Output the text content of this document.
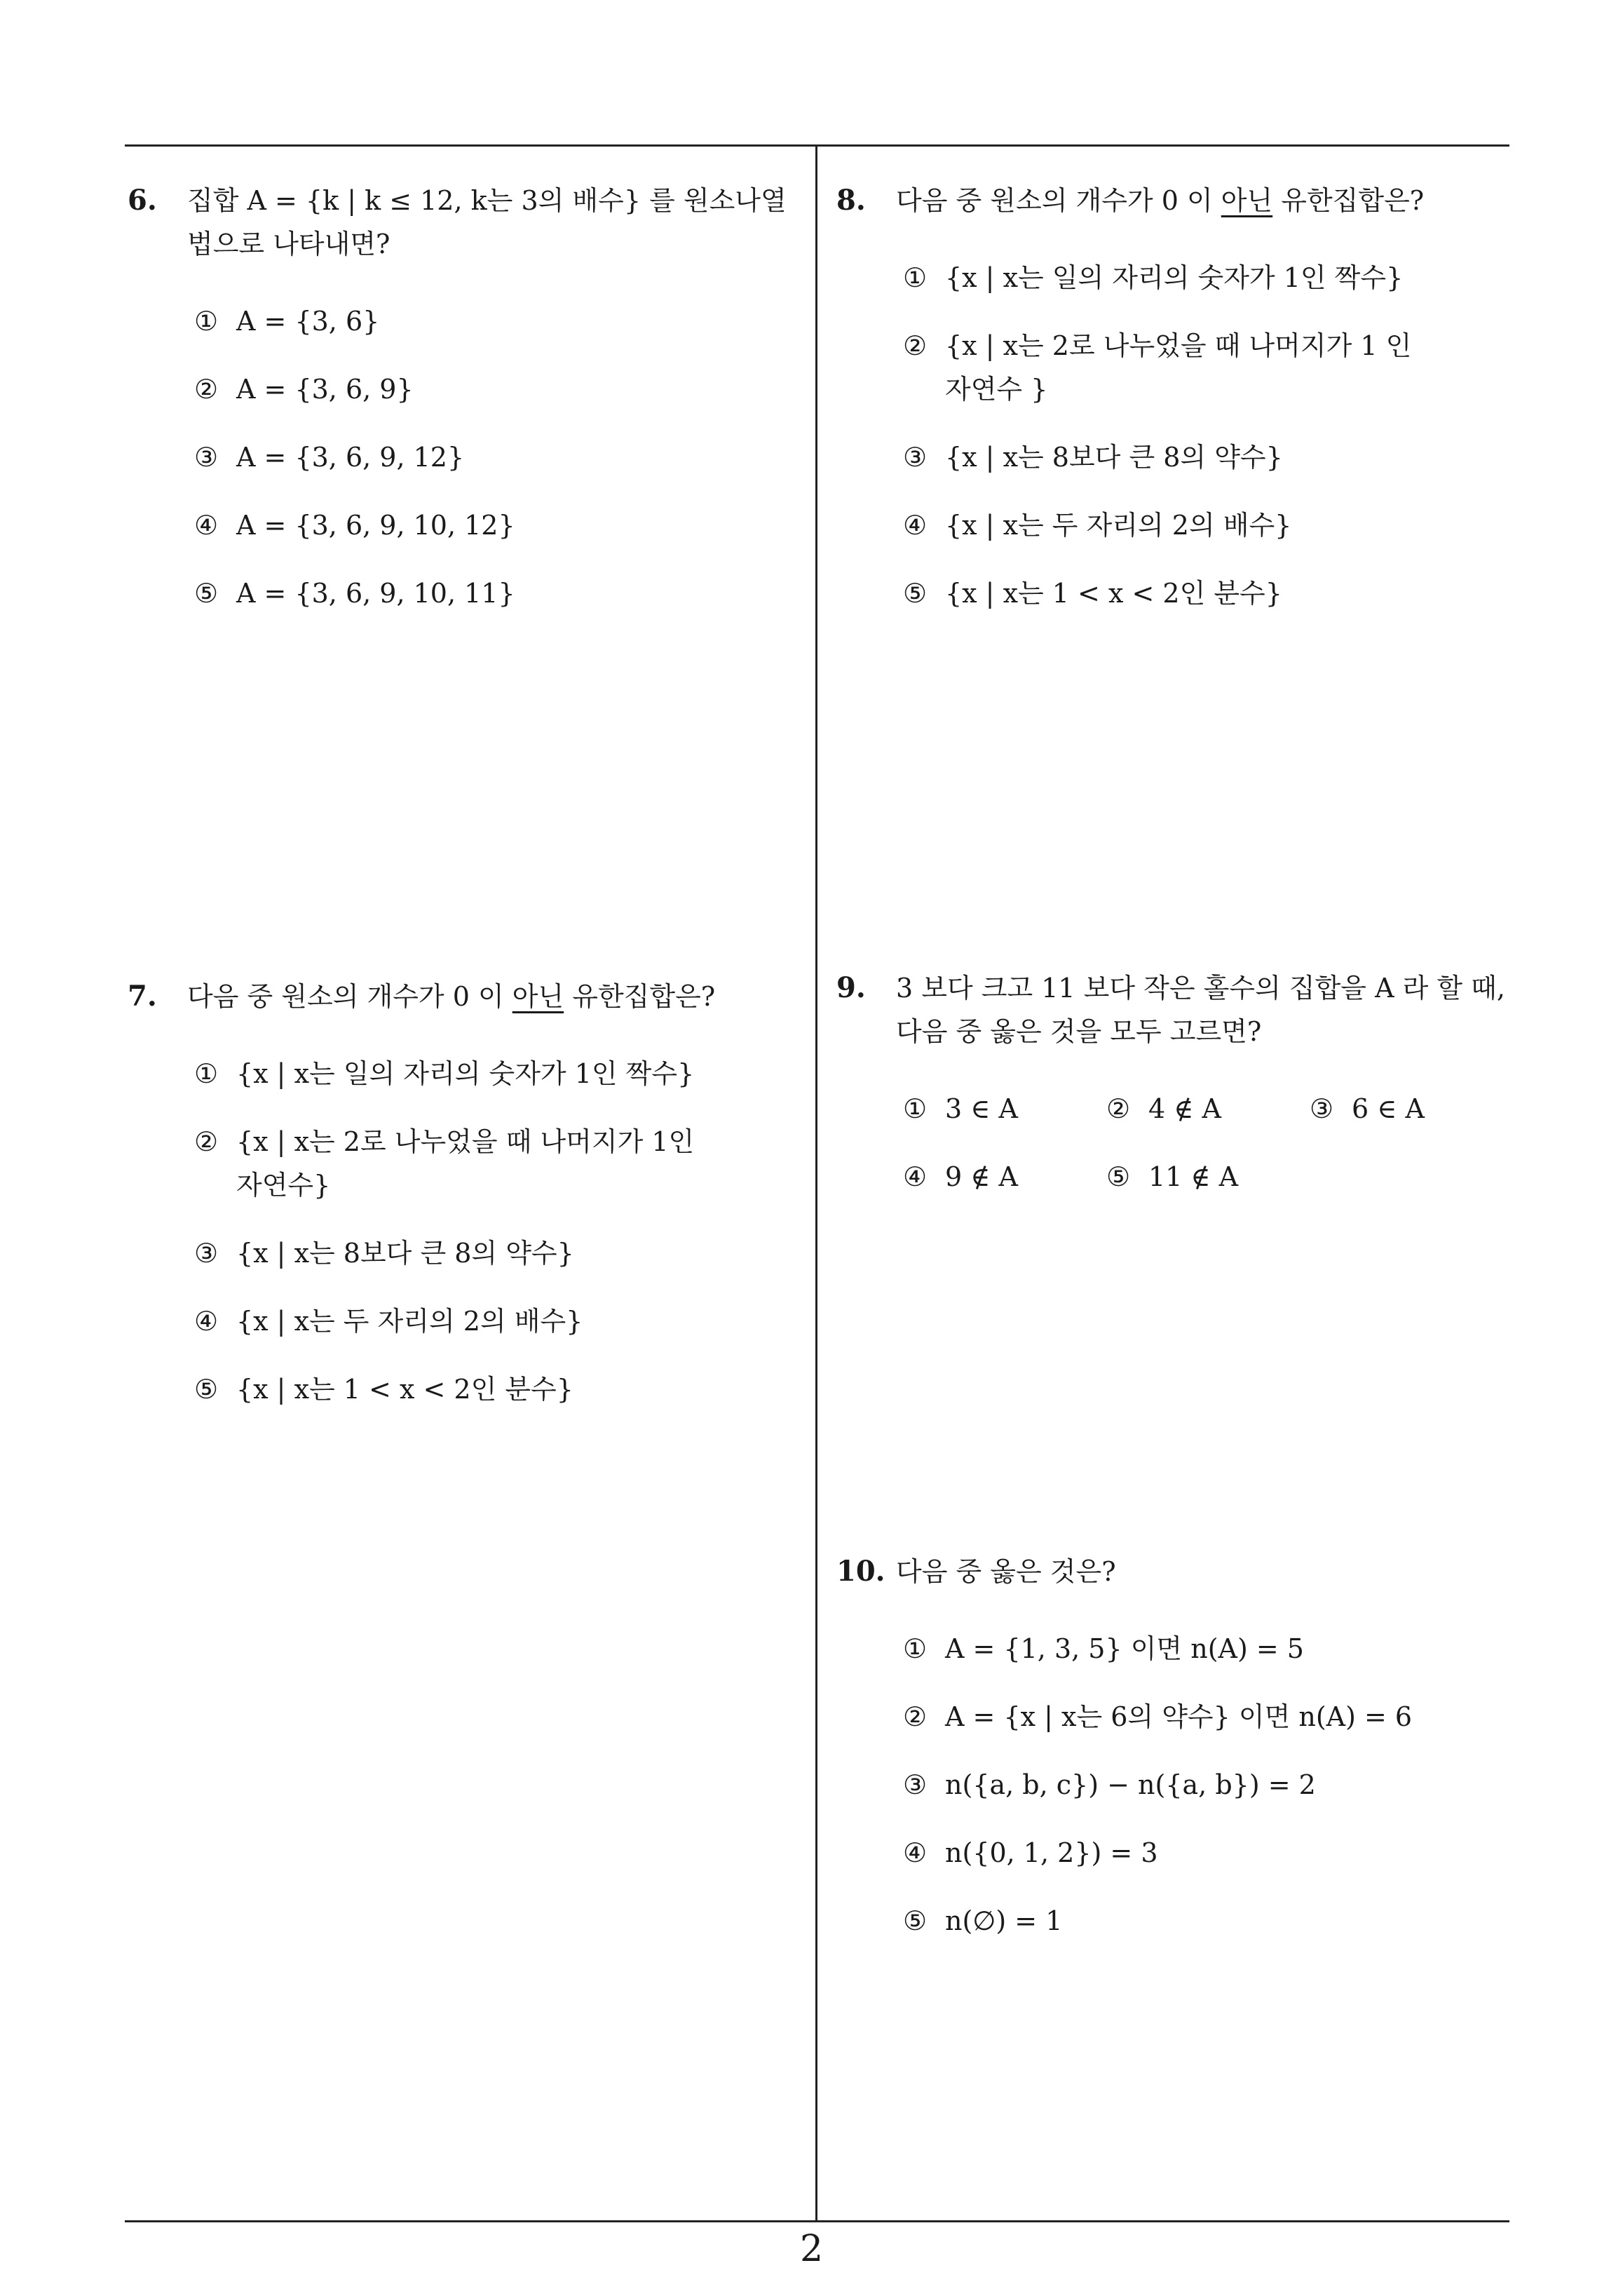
6.	집합 A = {k | k ≤ 12, k는 3의 배수} 를 원소나열법으로 나타내면?
① A = {3, 6}
② A = {3, 6, 9}
③ A = {3, 6, 9, 12}
④ A = {3, 6, 9, 10, 12}
⑤ A = {3, 6, 9, 10, 11}
7.	다음 중 원소의 개수가 0 이 아닌 유한집합은?
① {x | x는 일의 자리의 숫자가 1인 짝수}
② {x | x는 2로 나누었을 때 나머지가 1인 자연수}
③ {x | x는 8보다 큰 8의 약수}
④ {x | x는 두 자리의 2의 배수}
⑤ {x | x는 1 < x < 2인 분수}
8.	다음 중 원소의 개수가 0 이 아닌 유한집합은?
① {x | x는 일의 자리의 숫자가 1인 짝수}
② {x | x는 2로 나누었을 때 나머지가 1 인 자연수 }
③ {x | x는 8보다 큰 8의 약수}
④ {x | x는 두 자리의 2의 배수}
⑤ {x | x는 1 < x < 2인 분수}
9.	3 보다 크고 11 보다 작은 홀수의 집합을 A 라 할 때, 다음 중 옳은 것을 모두 고르면?
① 3 ∈ A	② 4 ∉ A	③ 6 ∈ A
④ 9 ∉ A	⑤ 11 ∉ A
10. 다음 중 옳은 것은?
① A = {1, 3, 5} 이면 n(A) = 5
② A = {x | x는 6의 약수} 이면 n(A) = 6
③ n({a, b, c}) − n({a, b}) = 2
④ n({0, 1, 2}) = 3
⑤ n(∅) = 1
2
